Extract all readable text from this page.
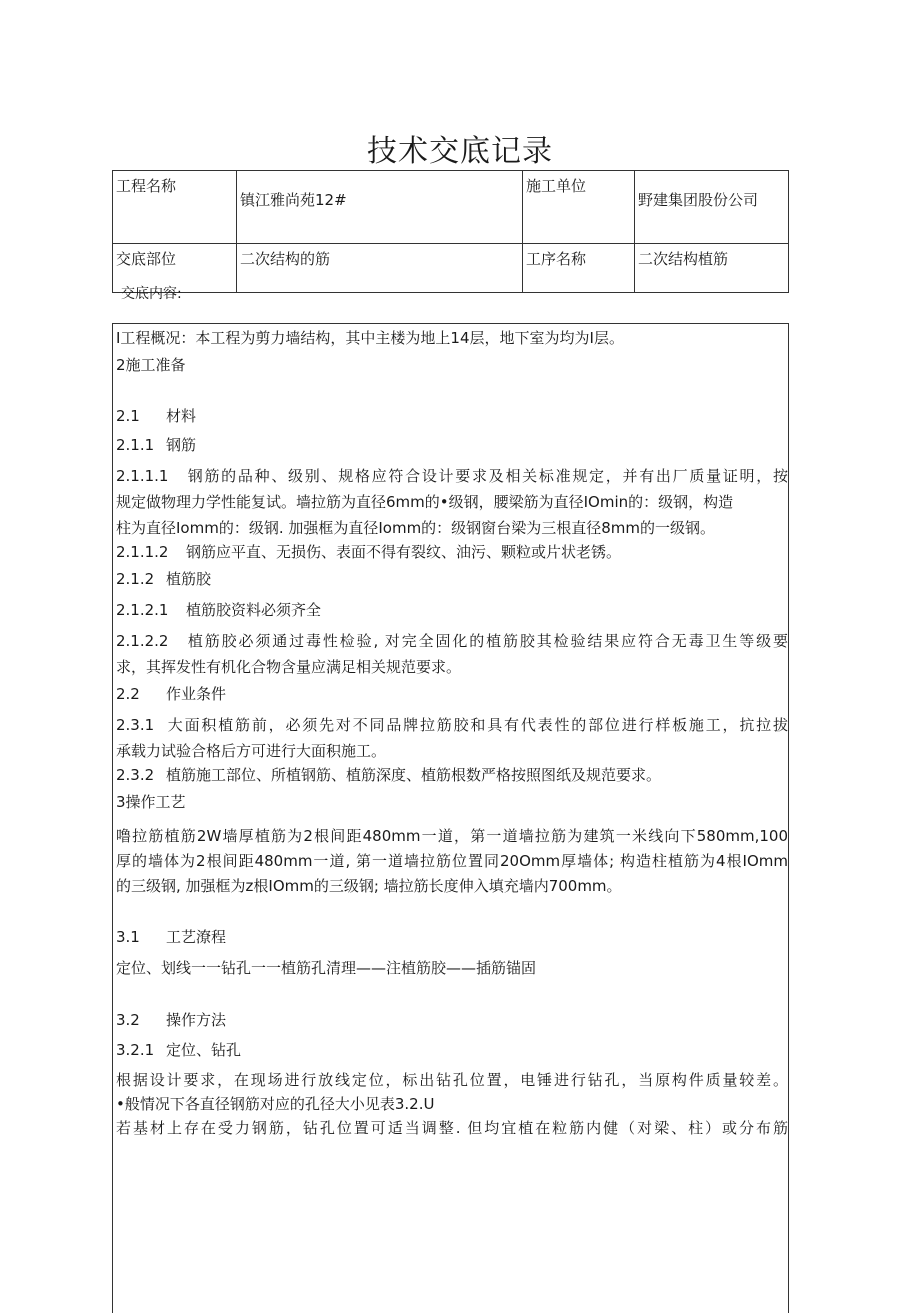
技术交底记录
工程名称	镇江雅尚苑12#	施工单位	野建集团股份公司
交底部位	二次结构的筋	工序名称	二次结构植筋
交底内容:
I工程概况：本工程为剪力墙结构，其中主楼为地上14层，地下室为均为I层。
2施工准备
2.1 材料
2.1.1 钢筋
2.1.1.1 钢筋的品种、级别、规格应符合设计要求及相关标准规定，并有出厂质量证明，按
规定做物理力学性能复试。墙拉筋为直径6mm的•级钢，腰梁筋为直径IOmin的：级钢，构造
柱为直径Iomm的：级钢. 加强框为直径Iomm的：级钢窗台梁为三根直径8mm的一级钢。
2.1.1.2 钢筋应平直、无损伤、表面不得有裂纹、油污、颗粒或片状老锈。
2.1.2 植筋胶
2.1.2.1 植筋胶资料必须齐全
2.1.2.2 植筋胶必须通过毒性检验, 对完全固化的植筋胶其检验结果应符合无毒卫生等级要
求，其挥发性有机化合物含量应满足相关规范要求。
2.2 作业条件
2.3.1 大面积植筋前，必须先对不同品牌拉筋胶和具有代表性的部位进行样板施工，抗拉拔
承载力试验合格后方可进行大面积施工。
2.3.2 植筋施工部位、所植钢筋、植筋深度、植筋根数严格按照图纸及规范要求。
3操作工艺
噜拉筋植筋2W墙厚植筋为2根间距480mm一道，第一道墙拉筋为建筑一米线向下580mm,100
厚的墙体为2根间距480mm一道, 第一道墙拉筋位置同20Omm厚墙体; 构造柱植筋为4根IOmm
的三级钢, 加强框为z根IOmm的三级钢; 墙拉筋长度伸入填充墙内700mm。
3.1 工艺潦程
定位、划线一一钻孔一一植筋孔清理——注植筋胶——插筋锚固
3.2 操作方法
3.2.1 定位、钻孔
根据设计要求，在现场进行放线定位，标出钻孔位置，电锤进行钻孔，当原构件质量较差。
•般情况下各直径钢筋对应的孔径大小见表3.2.U
若基材上存在受力钢筋，钻孔位置可适当调整. 但均宜植在粒筋内健（对梁、柱）或分布筋
